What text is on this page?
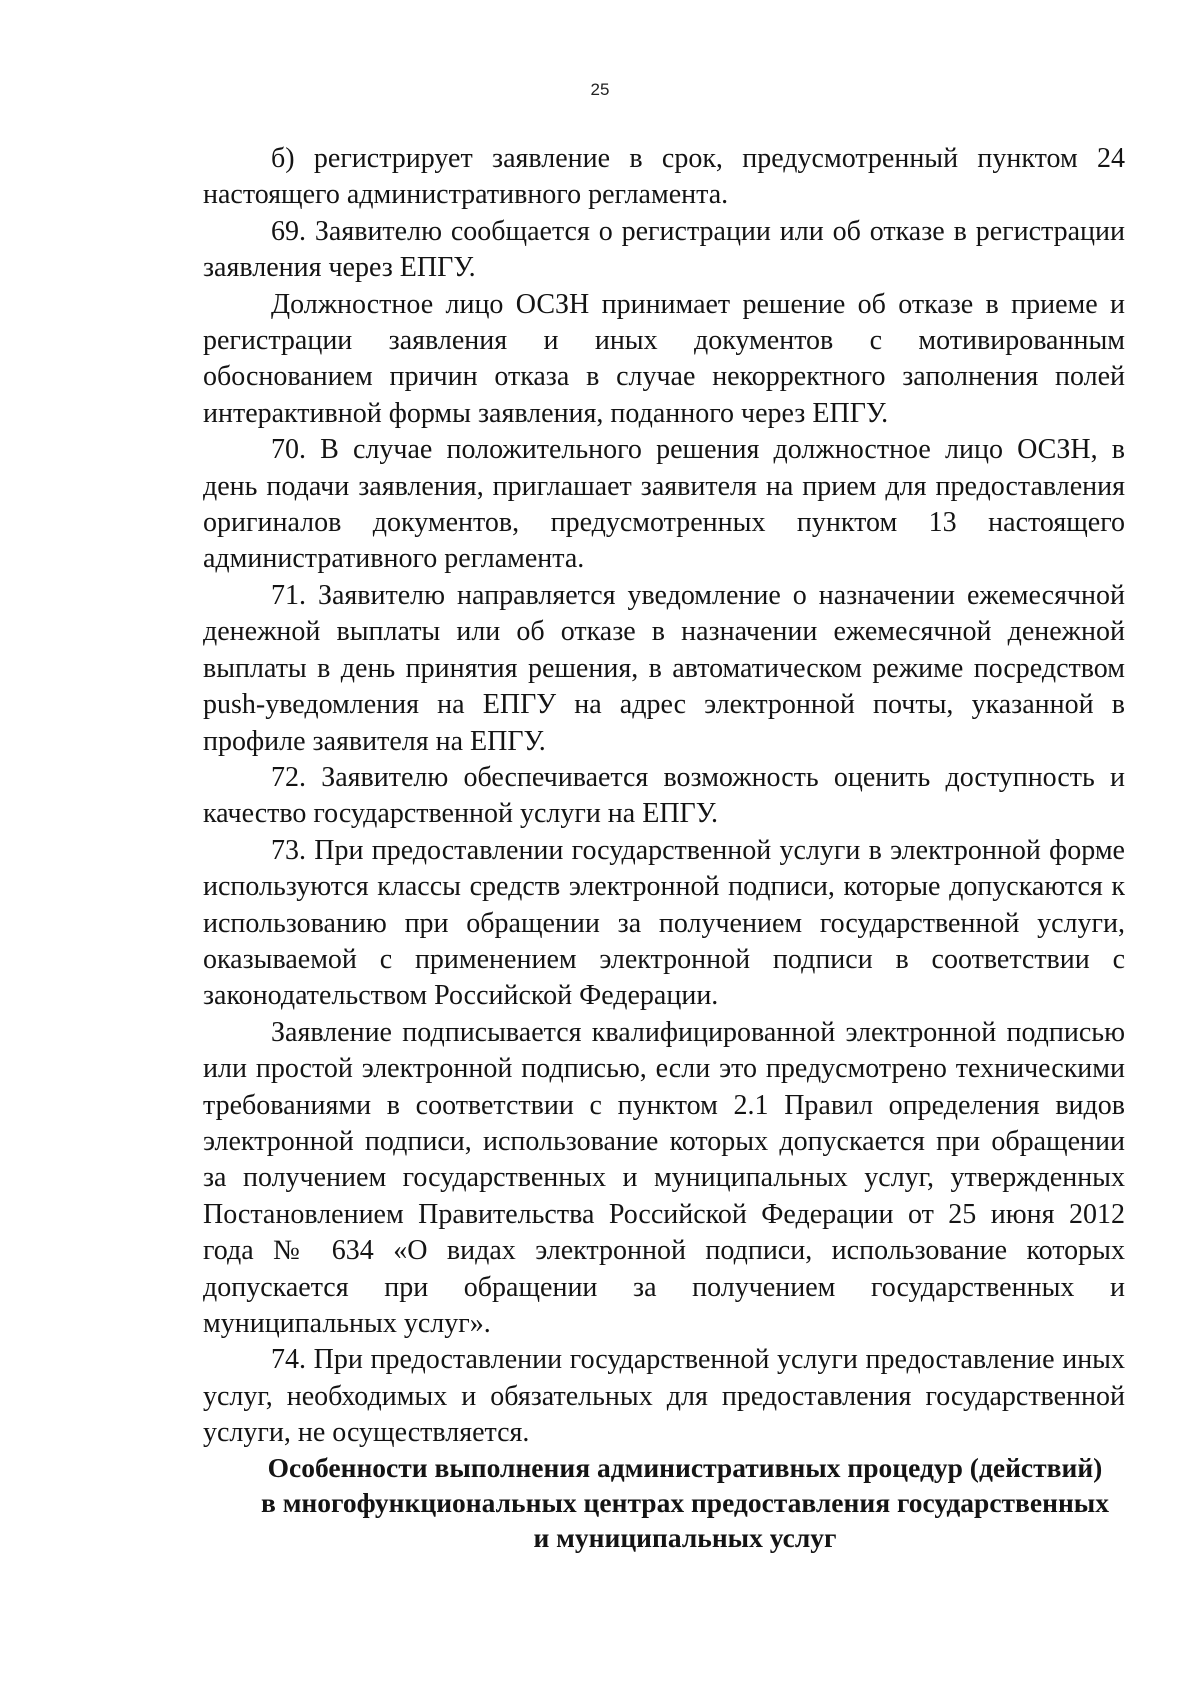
25

б) регистрирует заявление в срок, предусмотренный пунктом 24 настоящего административного регламента.

69. Заявителю сообщается о регистрации или об отказе в регистрации заявления через ЕПГУ.

Должностное лицо ОСЗН принимает решение об отказе в приеме и регистрации заявления и иных документов с мотивированным обоснованием причин отказа в случае некорректного заполнения полей интерактивной формы заявления, поданного через ЕПГУ.

70. В случае положительного решения должностное лицо ОСЗН, в день подачи заявления, приглашает заявителя на прием для предоставления оригиналов документов, предусмотренных пунктом 13 настоящего административного регламента.

71. Заявителю направляется уведомление о назначении ежемесячной денежной выплаты или об отказе в назначении ежемесячной денежной выплаты в день принятия решения, в автоматическом режиме посредством push-уведомления на ЕПГУ на адрес электронной почты, указанной в профиле заявителя на ЕПГУ.

72. Заявителю обеспечивается возможность оценить доступность и качество государственной услуги на ЕПГУ.

73. При предоставлении государственной услуги в электронной форме используются классы средств электронной подписи, которые допускаются к использованию при обращении за получением государственной услуги, оказываемой с применением электронной подписи в соответствии с законодательством Российской Федерации.

Заявление подписывается квалифицированной электронной подписью или простой электронной подписью, если это предусмотрено техническими требованиями в соответствии с пунктом 2.1 Правил определения видов электронной подписи, использование которых допускается при обращении за получением государственных и муниципальных услуг, утвержденных Постановлением Правительства Российской Федерации от 25 июня 2012 года № 634 «О видах электронной подписи, использование которых допускается при обращении за получением государственных и муниципальных услуг».

74. При предоставлении государственной услуги предоставление иных услуг, необходимых и обязательных для предоставления государственной услуги, не осуществляется.

Особенности выполнения административных процедур (действий)
в многофункциональных центрах предоставления государственных
и муниципальных услуг
